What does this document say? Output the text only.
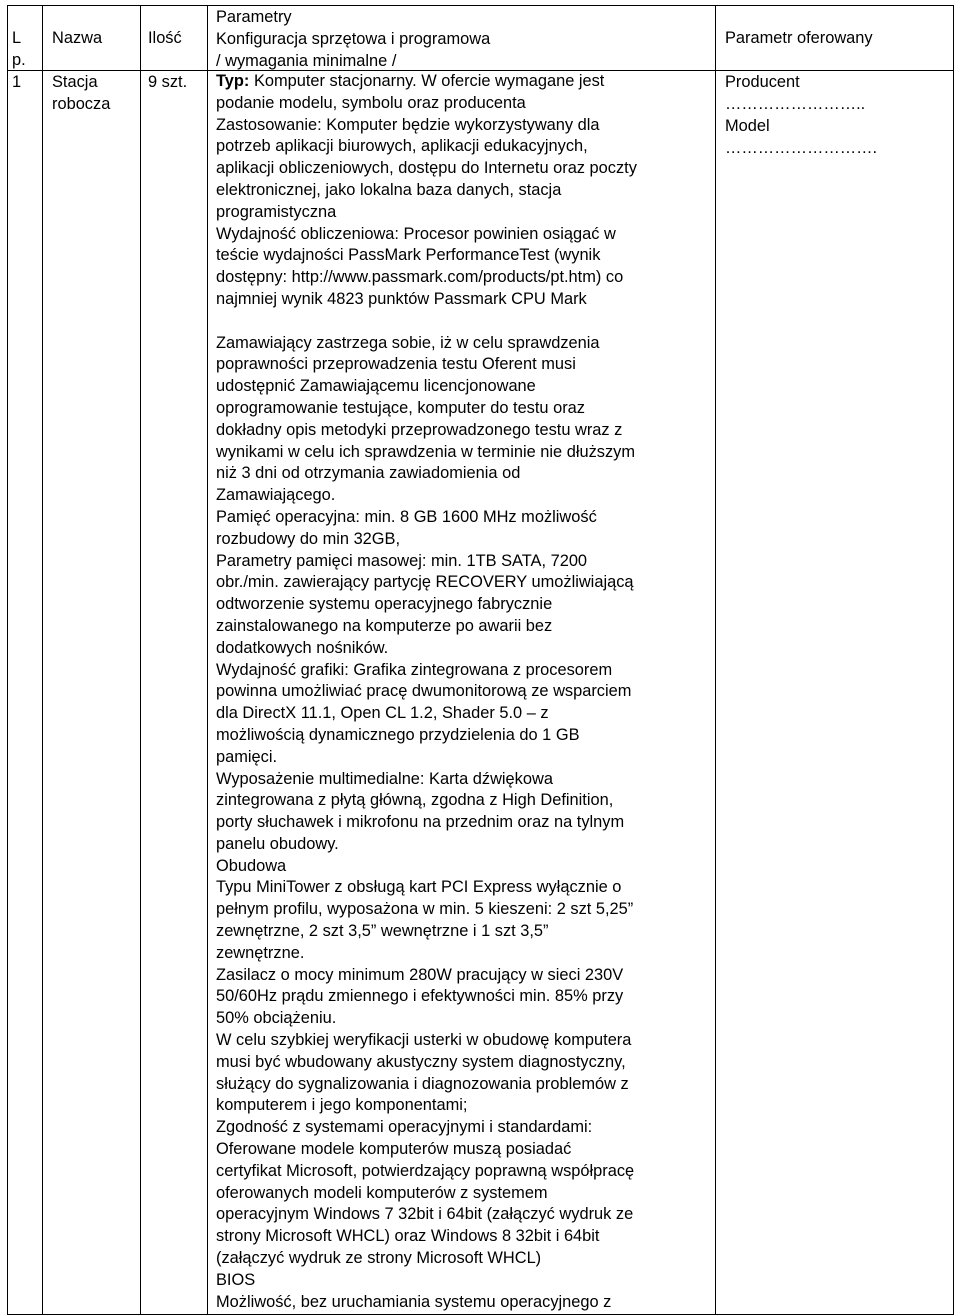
L
p.
Nazwa	Ilość
Parametry
Konfiguracja sprzętowa i programowa
/ wymagania minimalne /
Parametr oferowany
1 Stacja
robocza
9 szt. Typ: Komputer stacjonarny. W ofercie wymagane jest
podanie modelu, symbolu oraz producenta
Zastosowanie: Komputer będzie wykorzystywany dla
potrzeb aplikacji biurowych, aplikacji edukacyjnych,
aplikacji obliczeniowych, dostępu do Internetu oraz poczty
elektronicznej, jako lokalna baza danych, stacja
programistyczna
Wydajność obliczeniowa: Procesor powinien osiągać w
teście wydajności PassMark PerformanceTest (wynik
dostępny: http://www.passmark.com/products/pt.htm) co
najmniej wynik 4823 punktów Passmark CPU Mark
Zamawiający zastrzega sobie, iż w celu sprawdzenia
poprawności przeprowadzenia testu Oferent musi
udostępnić Zamawiającemu licencjonowane
oprogramowanie testujące, komputer do testu oraz
dokładny opis metodyki przeprowadzonego testu wraz z
wynikami w celu ich sprawdzenia w terminie nie dłuższym
niż 3 dni od otrzymania zawiadomienia od
Zamawiającego.
Pamięć operacyjna: min. 8 GB 1600 MHz możliwość
rozbudowy do min 32GB,
Parametry pamięci masowej: min. 1TB SATA, 7200
obr./min. zawierający partycję RECOVERY umożliwiającą
odtworzenie systemu operacyjnego fabrycznie
zainstalowanego na komputerze po awarii bez
dodatkowych nośników.
Wydajność grafiki: Grafika zintegrowana z procesorem
powinna umożliwiać pracę dwumonitorową ze wsparciem
dla DirectX 11.1, Open CL 1.2, Shader 5.0 – z
możliwością dynamicznego przydzielenia do 1 GB
pamięci.
Wyposażenie multimedialne: Karta dźwiękowa
zintegrowana z płytą główną, zgodna z High Definition,
porty słuchawek i mikrofonu na przednim oraz na tylnym
panelu obudowy.
Obudowa
Typu MiniTower z obsługą kart PCI Express wyłącznie o
pełnym profilu, wyposażona w min. 5 kieszeni: 2 szt 5,25”
zewnętrzne, 2 szt 3,5” wewnętrzne i 1 szt 3,5”
zewnętrzne.
Zasilacz o mocy minimum 280W pracujący w sieci 230V
50/60Hz prądu zmiennego i efektywności min. 85% przy
50% obciążeniu.
W celu szybkiej weryfikacji usterki w obudowę komputera
musi być wbudowany akustyczny system diagnostyczny,
służący do sygnalizowania i diagnozowania problemów z
komputerem i jego komponentami;
Zgodność z systemami operacyjnymi i standardami:
Oferowane modele komputerów muszą posiadać
certyfikat Microsoft, potwierdzający poprawną współpracę
oferowanych modeli komputerów z systemem
operacyjnym Windows 7 32bit i 64bit (załączyć wydruk ze
strony Microsoft WHCL) oraz Windows 8 32bit i 64bit
(załączyć wydruk ze strony Microsoft WHCL)
BIOS
Możliwość, bez uruchamiania systemu operacyjnego z
Producent
……………………..
Model
……………………….
